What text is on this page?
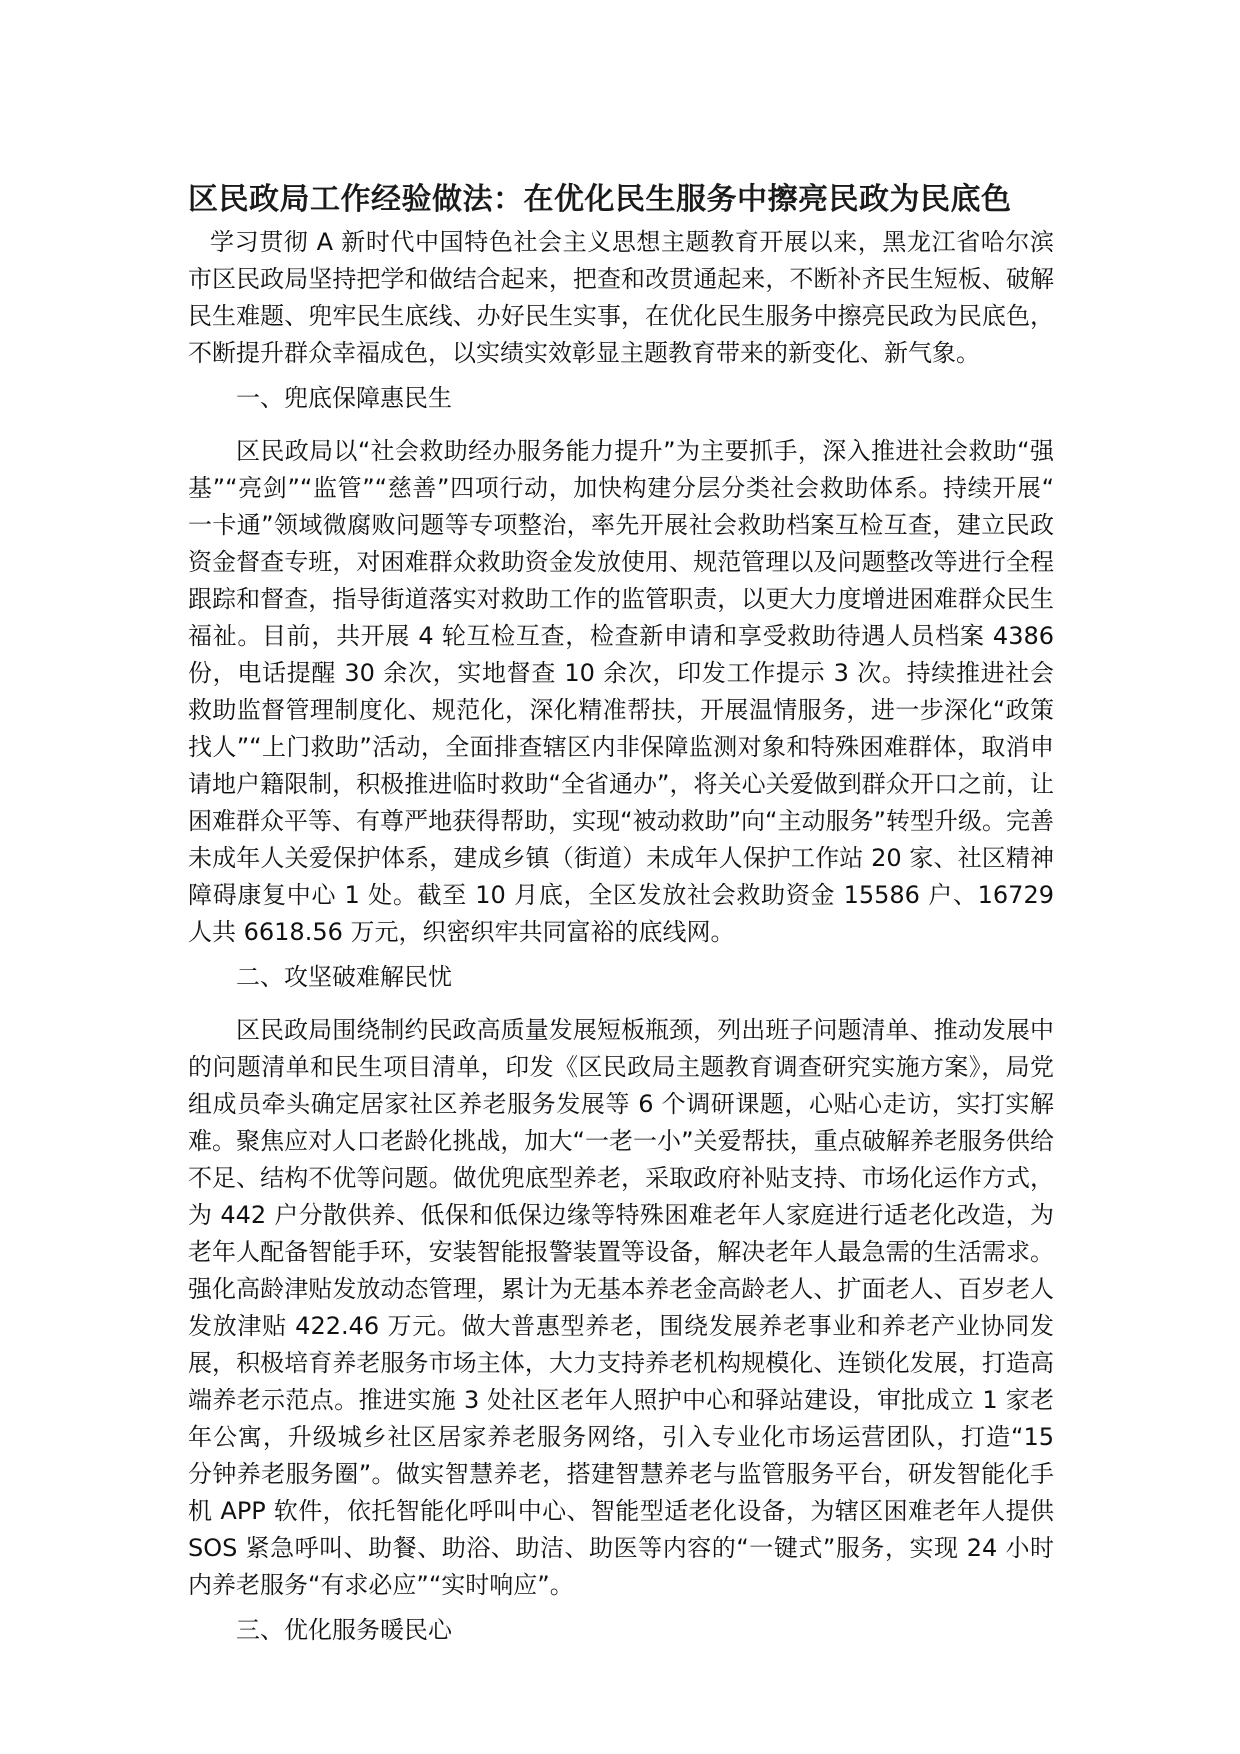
区民政局工作经验做法：在优化民生服务中擦亮民政为民底色

学习贯彻 A 新时代中国特色社会主义思想主题教育开展以来，黑龙江省哈尔滨市区民政局坚持把学和做结合起来，把查和改贯通起来，不断补齐民生短板、破解民生难题、兜牢民生底线、办好民生实事，在优化民生服务中擦亮民政为民底色，不断提升群众幸福成色，以实绩实效彰显主题教育带来的新变化、新气象。

一、兜底保障惠民生

区民政局以“社会救助经办服务能力提升”为主要抓手，深入推进社会救助“强基”“亮剑”“监管”“慈善”四项行动，加快构建分层分类社会救助体系。持续开展“一卡通”领域微腐败问题等专项整治，率先开展社会救助档案互检互查，建立民政资金督查专班，对困难群众救助资金发放使用、规范管理以及问题整改等进行全程跟踪和督查，指导街道落实对救助工作的监管职责，以更大力度增进困难群众民生福祉。目前，共开展 4 轮互检互查，检查新申请和享受救助待遇人员档案 4386 份，电话提醒 30 余次，实地督查 10 余次，印发工作提示 3 次。持续推进社会救助监督管理制度化、规范化，深化精准帮扶，开展温情服务，进一步深化“政策找人”“上门救助”活动，全面排查辖区内非保障监测对象和特殊困难群体，取消申请地户籍限制，积极推进临时救助“全省通办”，将关心关爱做到群众开口之前，让困难群众平等、有尊严地获得帮助，实现“被动救助”向“主动服务”转型升级。完善未成年人关爱保护体系，建成乡镇（街道）未成年人保护工作站 20 家、社区精神障碍康复中心 1 处。截至 10 月底，全区发放社会救助资金 15586 户、16729 人共 6618.56 万元，织密织牢共同富裕的底线网。

二、攻坚破难解民忧

区民政局围绕制约民政高质量发展短板瓶颈，列出班子问题清单、推动发展中的问题清单和民生项目清单，印发《区民政局主题教育调查研究实施方案》，局党组成员牵头确定居家社区养老服务发展等 6 个调研课题，心贴心走访，实打实解难。聚焦应对人口老龄化挑战，加大“一老一小”关爱帮扶，重点破解养老服务供给不足、结构不优等问题。做优兜底型养老，采取政府补贴支持、市场化运作方式，为 442 户分散供养、低保和低保边缘等特殊困难老年人家庭进行适老化改造，为老年人配备智能手环，安装智能报警装置等设备，解决老年人最急需的生活需求。强化高龄津贴发放动态管理，累计为无基本养老金高龄老人、扩面老人、百岁老人发放津贴 422.46 万元。做大普惠型养老，围绕发展养老事业和养老产业协同发展，积极培育养老服务市场主体，大力支持养老机构规模化、连锁化发展，打造高端养老示范点。推进实施 3 处社区老年人照护中心和驿站建设，审批成立 1 家老年公寓，升级城乡社区居家养老服务网络，引入专业化市场运营团队，打造“15 分钟养老服务圈”。做实智慧养老，搭建智慧养老与监管服务平台，研发智能化手机 APP 软件，依托智能化呼叫中心、智能型适老化设备，为辖区困难老年人提供 SOS 紧急呼叫、助餐、助浴、助洁、助医等内容的“一键式”服务，实现 24 小时内养老服务“有求必应”“实时响应”。

三、优化服务暖民心
